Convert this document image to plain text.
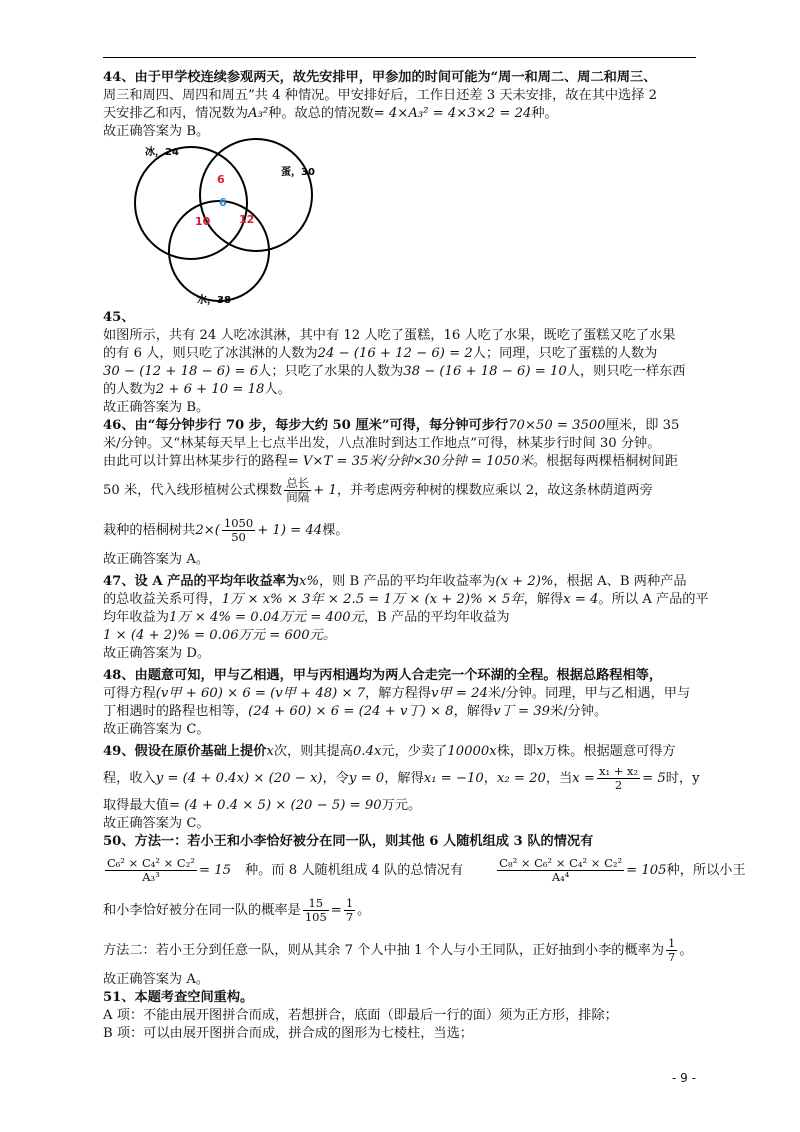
44、由于甲学校连续参观两天，故先安排甲，甲参加的时间可能为“周一和周二、周二和周三、
周三和周四、周四和周五”共 4 种情况。甲安排好后，工作日还差 3 天未安排，故在其中选择 2
天安排乙和丙，情况数为A₃²种。故总的情况数= 4×A₃² = 4×3×2 = 24种。
故正确答案为 B。
冰，24
蛋，30
水，38
6
6
10	12
45、
如图所示，共有 24 人吃冰淇淋，其中有 12 人吃了蛋糕，16 人吃了水果，既吃了蛋糕又吃了水果
的有 6 人，则只吃了冰淇淋的人数为24 − (16 + 12 − 6) = 2人；同理，只吃了蛋糕的人数为
30 − (12 + 18 − 6) = 6人；只吃了水果的人数为38 − (16 + 18 − 6) = 10人，则只吃一样东西
的人数为2 + 6 + 10 = 18人。
故正确答案为 B。
46、由“每分钟步行 70 步，每步大约 50 厘米”可得，每分钟可步行70×50 = 3500厘米，即 35
米/分钟。又“林某每天早上七点半出发，八点准时到达工作地点”可得，林某步行时间 30 分钟。
由此可以计算出林某步行的路程= V×T = 35米/分钟×30分钟 = 1050米。根据每两棵梧桐树间距
50 米，代入线形植树公式棵数 $\frac{\text{总长}}{\text{间隔}} + 1$，并考虑两旁种树的棵数应乘以 2，故这条林荫道两旁
栽种的梧桐树共$2\times( \frac{1050}{50} + 1) = 44$棵。
故正确答案为 A。
47、设 A 产品的平均年收益率为x%，则 B 产品的平均年收益率为(x + 2)%，根据 A、B 两种产品
的总收益关系可得，1万 × x% × 3年 × 2.5 = 1万 × (x + 2)% × 5年，解得x = 4。所以 A 产品的平
均年收益为1万 × 4% = 0.04万元 = 400元，B 产品的平均年收益为
1 × (4 + 2)% = 0.06万元 = 600元。
故正确答案为 D。
48、由题意可知，甲与乙相遇，甲与丙相遇均为两人合走完一个环湖的全程。根据总路程相等，
可得方程(v甲 + 60) × 6 = (v甲 + 48) × 7，解方程得v甲 = 24米/分钟。同理，甲与乙相遇，甲与
丁相遇时的路程也相等，(24 + 60) × 6 = (24 + v丁) × 8，解得v丁 = 39米/分钟。
故正确答案为 C。
49、假设在原价基础上提价x次，则其提高0.4x元，少卖了10000x株，即x万株。根据题意可得方
程，收入y = (4 + 0.4x) × (20 − x)，令y = 0，解得x₁ = −10，x₂ = 20，当$x = \frac{\text{x₁ + x₂}}{2} = 5$时，y
取得最大值= (4 + 0.4 × 5) × (20 − 5) = 90万元。
故正确答案为 C。
50、方法一：若小王和小李恰好被分在同一队，则其他 6 人随机组成 3 队的情况有
$\frac{\text{C₆² × C₄² × C₂²}}{\text{A₃³}} = 15$ 种。而 8 人随机组成 4 队的总情况有	$\frac{\text{C₈² × C₆² × C₄² × C₂²}}{\text{A₄⁴}} = 105$种，所以小王
和小李恰好被分在同一队的概率是 $\frac{15}{105} = \frac{1}{7}$ 。
方法二：若小王分到任意一队，则从其余 7 个人中抽 1 个人与小王同队，正好抽到小李的概率为 $\frac{1}{7}$ 。
故正确答案为 A。
51、本题考查空间重构。
A 项：不能由展开图拼合而成，若想拼合，底面（即最后一行的面）须为正方形，排除；
B 项：可以由展开图拼合而成，拼合成的图形为七棱柱，当选；
- 9 -
